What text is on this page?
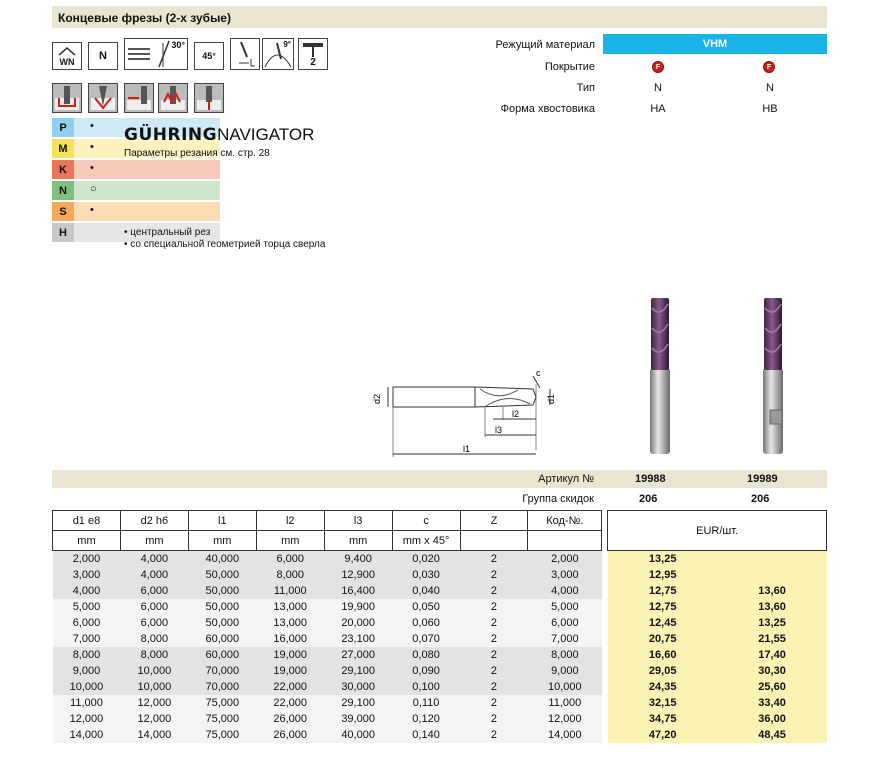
Концевые фрезы (2-х зубые)
WN	N
30°
45°
9°
2
P	•
M	•
K	•
N	○
S	•
H
GÜHRINGNAVIGATOR
Параметры резания см. стр. 28
• центральный рез
• со специальной геометрией торца сверла
Режущий материал	VHM
Покрытие	F	F
Тип	N	N
Форма хвостовика	HA	HB
d2	d1
c
l2
l3
l1
Артикул №	19988	19989
Группа скидок	206	206
d1 e8	d2 h6	l1	l2	l3	c	Z	Код-№.		EUR/шт.	
mm	mm	mm	mm	mm	mm x 45°					
2,000	4,000	40,000	6,000	9,400	0,020	2	2,000		13,25	
3,000	4,000	50,000	8,000	12,900	0,030	2	3,000		12,95	
4,000	6,000	50,000	11,000	16,400	0,040	2	4,000		12,75	13,60
5,000	6,000	50,000	13,000	19,900	0,050	2	5,000		12,75	13,60
6,000	6,000	50,000	13,000	20,000	0,060	2	6,000		12,45	13,25
7,000	8,000	60,000	16,000	23,100	0,070	2	7,000		20,75	21,55
8,000	8,000	60,000	19,000	27,000	0,080	2	8,000		16,60	17,40
9,000	10,000	70,000	19,000	29,100	0,090	2	9,000		29,05	30,30
10,000	10,000	70,000	22,000	30,000	0,100	2	10,000		24,35	25,60
11,000	12,000	75,000	22,000	29,100	0,110	2	11,000		32,15	33,40
12,000	12,000	75,000	26,000	39,000	0,120	2	12,000		34,75	36,00
14,000	14,000	75,000	26,000	40,000	0,140	2	14,000		47,20	48,45
